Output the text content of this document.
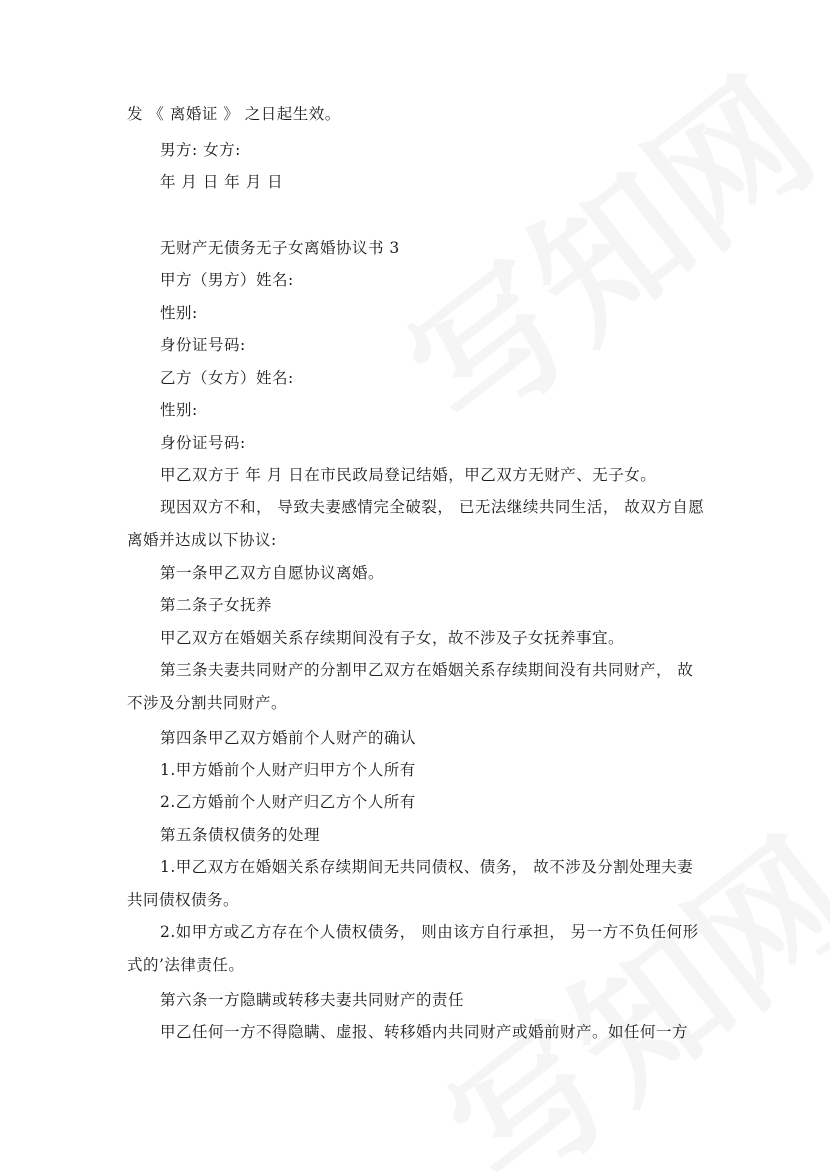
发 《 离婚证 》 之日起生效。
男方: 女方:
年 月 日 年 月 日
无财产无债务无子女离婚协议书 3
甲方（男方）姓名:
性别:
身份证号码:
乙方（女方）姓名:
性别:
身份证号码:
甲乙双方于 年 月 日在市民政局登记结婚，甲乙双方无财产、无子女。
现因双方不和， 导致夫妻感情完全破裂， 已无法继续共同生活， 故双方自愿
离婚并达成以下协议:
第一条甲乙双方自愿协议离婚。
第二条子女抚养
甲乙双方在婚姻关系存续期间没有子女，故不涉及子女抚养事宜。
第三条夫妻共同财产的分割甲乙双方在婚姻关系存续期间没有共同财产， 故
不涉及分割共同财产。
第四条甲乙双方婚前个人财产的确认
1.甲方婚前个人财产归甲方个人所有
2.乙方婚前个人财产归乙方个人所有
第五条债权债务的处理
1.甲乙双方在婚姻关系存续期间无共同债权、债务， 故不涉及分割处理夫妻
共同债权债务。
2.如甲方或乙方存在个人债权债务， 则由该方自行承担， 另一方不负任何形
式的’法律责任。
第六条一方隐瞒或转移夫妻共同财产的责任
甲乙任何一方不得隐瞒、虚报、转移婚内共同财产或婚前财产。如任何一方
